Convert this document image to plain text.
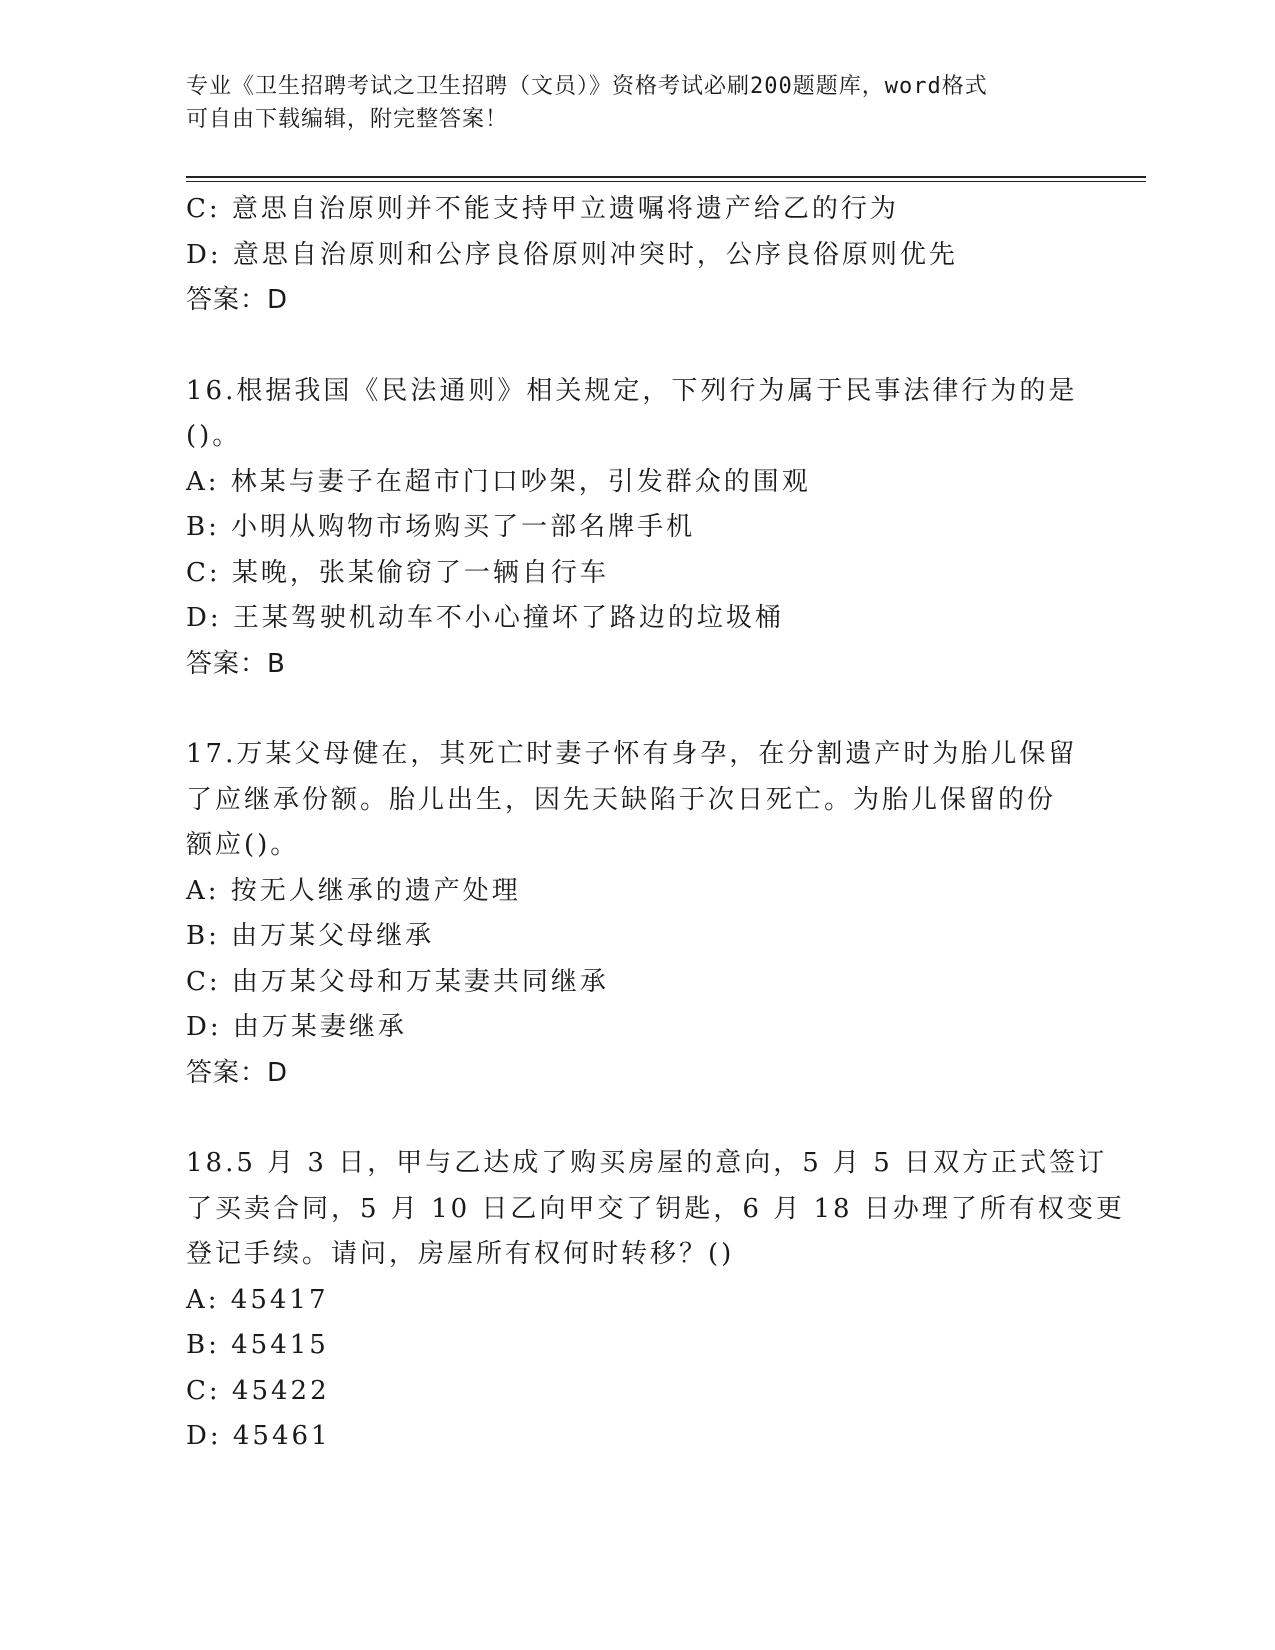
专业《卫生招聘考试之卫生招聘（文员）》资格考试必刷200题题库，word格式
可自由下载编辑，附完整答案！
C: 意思自治原则并不能支持甲立遗嘱将遗产给乙的行为
D: 意思自治原则和公序良俗原则冲突时，公序良俗原则优先
答案：D
16.根据我国《民法通则》相关规定，下列行为属于民事法律行为的是
()。
A: 林某与妻子在超市门口吵架，引发群众的围观
B: 小明从购物市场购买了一部名牌手机
C: 某晚，张某偷窃了一辆自行车
D: 王某驾驶机动车不小心撞坏了路边的垃圾桶
答案：B
17.万某父母健在，其死亡时妻子怀有身孕，在分割遗产时为胎儿保留
了应继承份额。胎儿出生，因先天缺陷于次日死亡。为胎儿保留的份
额应()。
A: 按无人继承的遗产处理
B: 由万某父母继承
C: 由万某父母和万某妻共同继承
D: 由万某妻继承
答案：D
18.5 月 3 日，甲与乙达成了购买房屋的意向，5 月 5 日双方正式签订
了买卖合同，5 月 10 日乙向甲交了钥匙，6 月 18 日办理了所有权变更
登记手续。请问，房屋所有权何时转移？()
A: 45417
B: 45415
C: 45422
D: 45461
